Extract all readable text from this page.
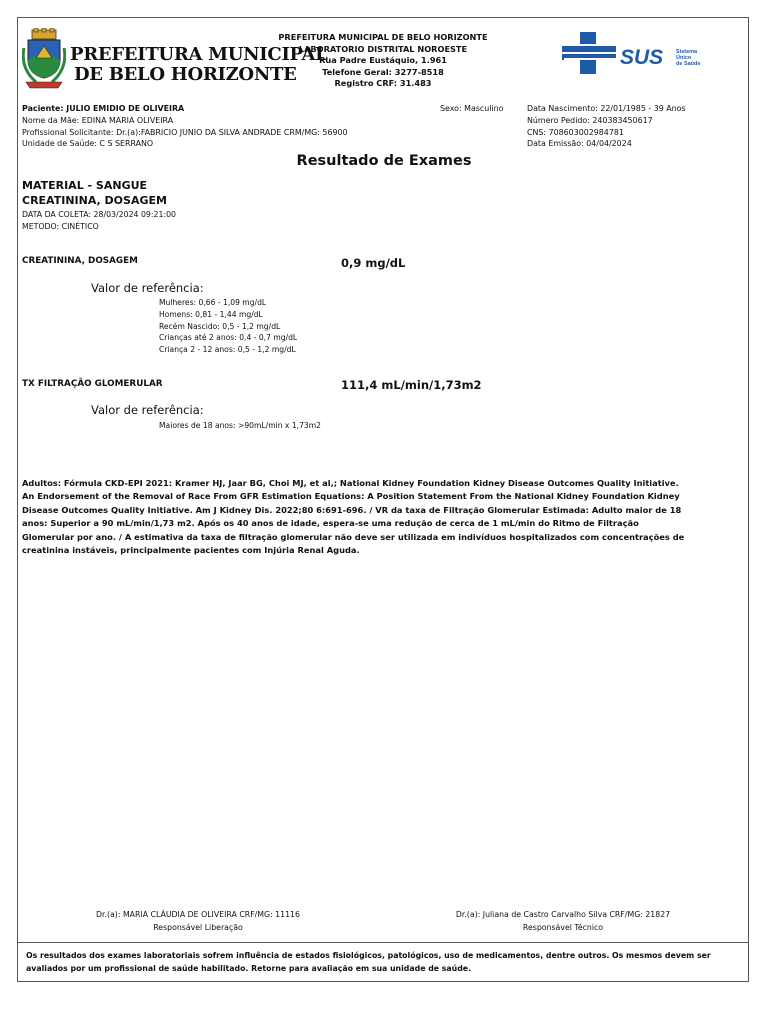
PREFEITURA MUNICIPAL
DE BELO HORIZONTE
PREFEITURA MUNICIPAL DE BELO HORIZONTE
LABORATORIO DISTRITAL NOROESTE
Rua Padre Eustáquio, 1.961
Telefone Geral: 3277-8518
Registro CRF: 31.483
SUS Sistema
Único
de Saúde
Paciente: JULIO EMIDIO DE OLIVEIRA
Nome da Mãe: EDINA MARIA OLIVEIRA
Profissional Solicitante: Dr.(a):FABRICIO JUNIO DA SILVA ANDRADE CRM/MG: 56900
Unidade de Saúde: C S SERRANO
Sexo: Masculino	Data Nascimento: 22/01/1985 - 39 Anos
Número Pedido: 240383450617
CNS: 708603002984781
Data Emissão: 04/04/2024
Resultado de Exames
MATERIAL - SANGUE
CREATININA, DOSAGEM
DATA DA COLETA: 28/03/2024 09:21:00
METODO: CINÉTICO
CREATININA, DOSAGEM	0,9 mg/dL
Valor de referência:
Mulheres: 0,66 - 1,09 mg/dL
Homens: 0,81 - 1,44 mg/dL
Recém Nascido: 0,5 - 1,2 mg/dL
Crianças até 2 anos: 0,4 - 0,7 mg/dL
Criança 2 - 12 anos: 0,5 - 1,2 mg/dL
TX FILTRAÇÃO GLOMERULAR	111,4 mL/min/1,73m2
Valor de referência:
Maiores de 18 anos: >90mL/min x 1,73m2
Adultos: Fórmula CKD-EPI 2021: Kramer HJ, Jaar BG, Choi MJ, et al,; National Kidney Foundation Kidney Disease Outcomes Quality Initiative.
An Endorsement of the Removal of Race From GFR Estimation Equations: A Position Statement From the National Kidney Foundation Kidney
Disease Outcomes Quality Initiative. Am J Kidney Dis. 2022;80 6:691-696. / VR da taxa de Filtração Glomerular Estimada: Adulto maior de 18
anos: Superior a 90 mL/min/1,73 m2. Após os 40 anos de idade, espera-se uma redução de cerca de 1 mL/min do Ritmo de Filtração
Glomerular por ano. / A estimativa da taxa de filtração glomerular não deve ser utilizada em indivíduos hospitalizados com concentrações de
creatinina instáveis, principalmente pacientes com Injúria Renal Aguda.
Dr.(a): MARIA CLÁUDIA DE OLIVEIRA CRF/MG: 11116
Responsável Liberação
Dr.(a): Juliana de Castro Carvalho Silva CRF/MG: 21827
Responsável Técnico
Os resultados dos exames laboratoriais sofrem influência de estados fisiológicos, patológicos, uso de medicamentos, dentre outros. Os mesmos devem ser avaliados por um profissional de saúde habilitado. Retorne para avaliação em sua unidade de saúde.
